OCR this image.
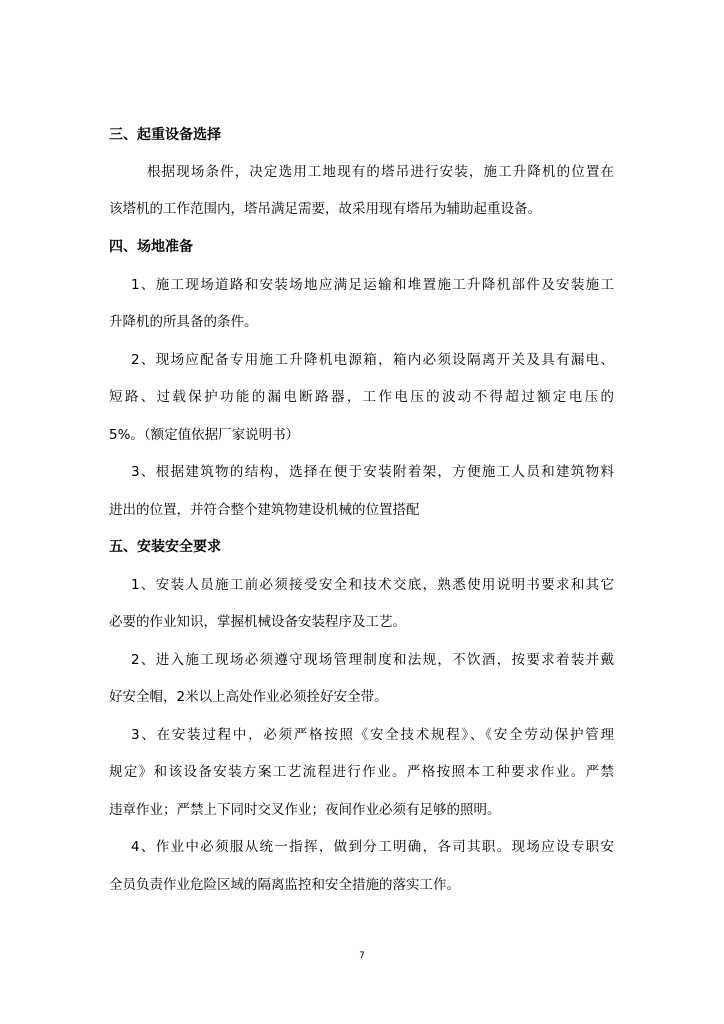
三、起重设备选择
根据现场条件，决定选用工地现有的塔吊进行安装，施工升降机的位置在
该塔机的工作范围内，塔吊满足需要，故采用现有塔吊为辅助起重设备。
四、场地准备
1、施工现场道路和安装场地应满足运输和堆置施工升降机部件及安装施工
升降机的所具备的条件。
2、现场应配备专用施工升降机电源箱，箱内必须设隔离开关及具有漏电、
短路、过载保护功能的漏电断路器，工作电压的波动不得超过额定电压的
5%。（额定值依据厂家说明书）
3、根据建筑物的结构，选择在便于安装附着架，方便施工人员和建筑物料
进出的位置，并符合整个建筑物建设机械的位置搭配
五、安装安全要求
1、安装人员施工前必须接受安全和技术交底，熟悉使用说明书要求和其它
必要的作业知识，掌握机械设备安装程序及工艺。
2、进入施工现场必须遵守现场管理制度和法规，不饮酒，按要求着装并戴
好安全帽，2米以上高处作业必须拴好安全带。
3、在安装过程中，必须严格按照《安全技术规程》、《安全劳动保护管理
规定》和该设备安装方案工艺流程进行作业。严格按照本工种要求作业。严禁
违章作业；严禁上下同时交叉作业；夜间作业必须有足够的照明。
4、作业中必须服从统一指挥，做到分工明确，各司其职。现场应设专职安
全员负责作业危险区域的隔离监控和安全措施的落实工作。
7
